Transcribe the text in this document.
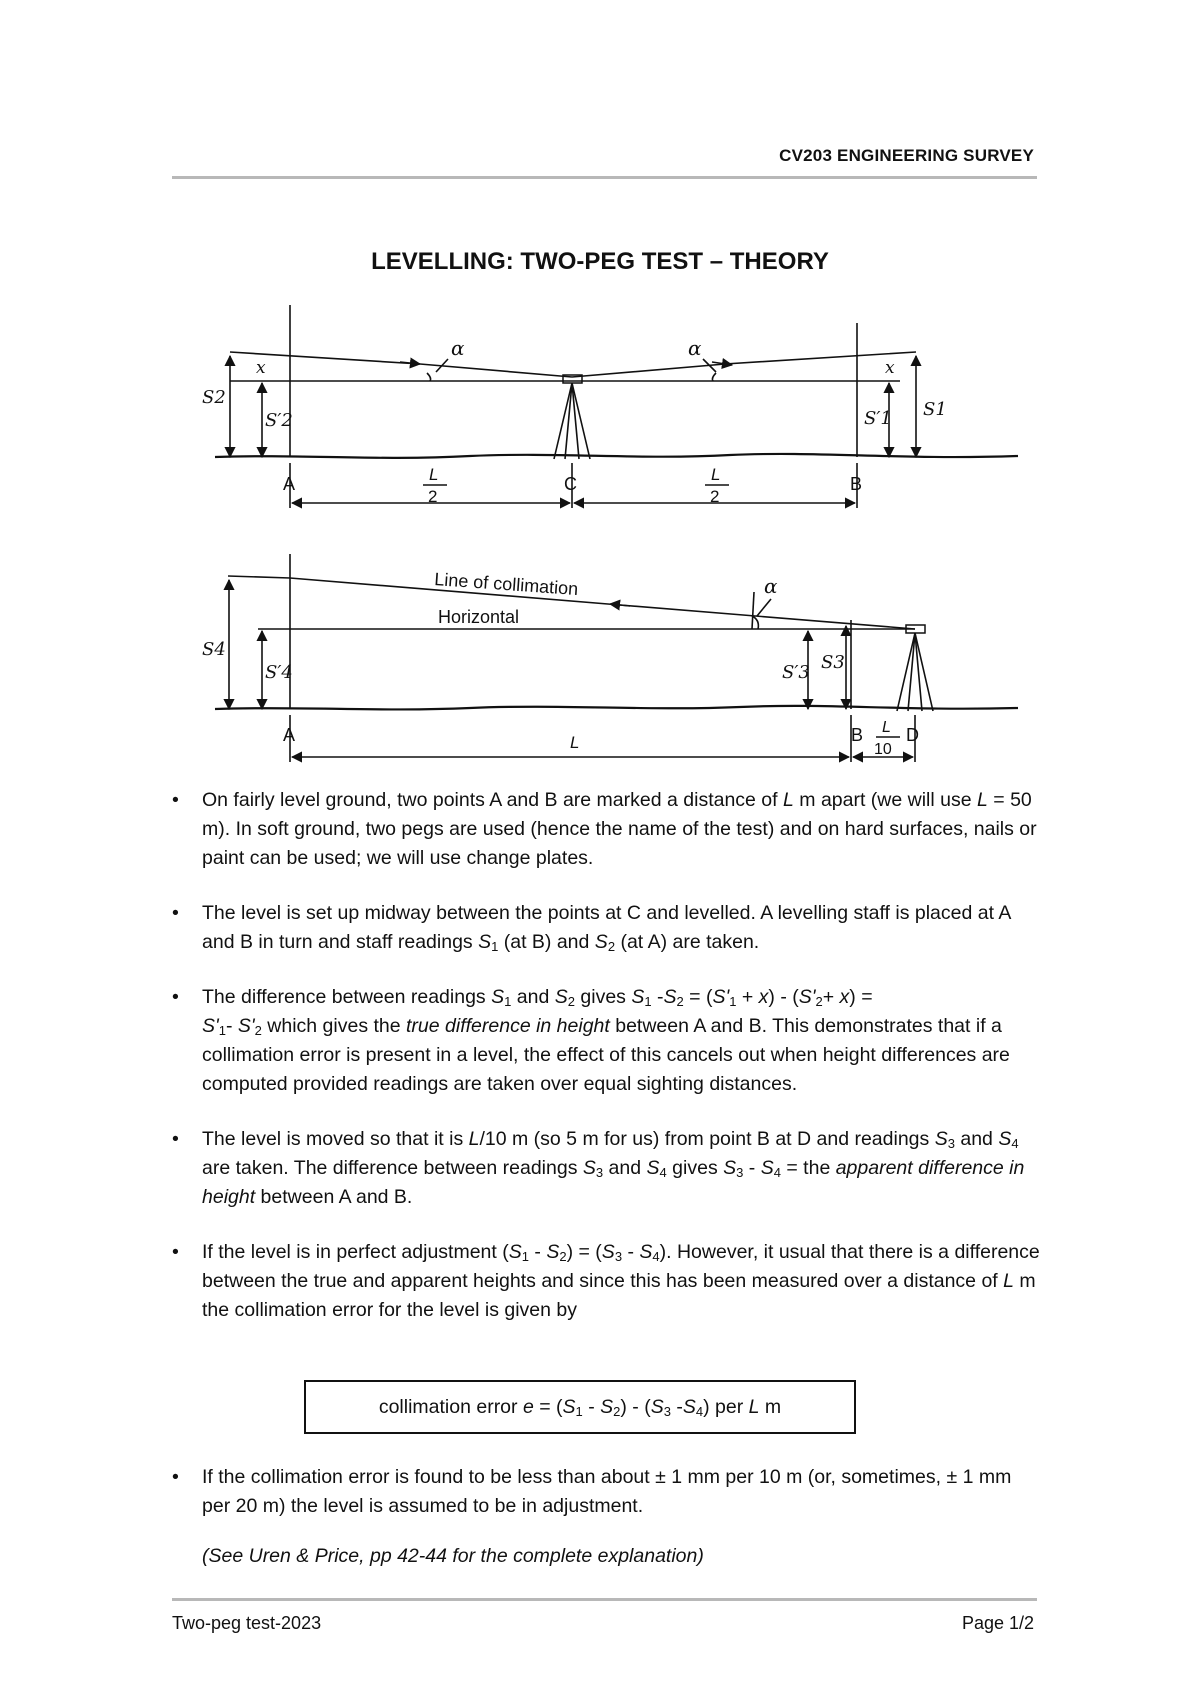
CV203 ENGINEERING SURVEY
LEVELLING: TWO-PEG TEST – THEORY
α	α
x	x
S2
S′2
S1
S′1
A	C	B
L
2
L
2
Line of collimation
Horizontal
α
S4
S′4	S′3 S3
A	B D
L
L
10
• On fairly level ground, two points A and B are marked a distance of L m apart (we will use L = 50 m). In soft ground, two pegs are used (hence the name of the test) and on hard surfaces, nails or paint can be used; we will use change plates.
• The level is set up midway between the points at C and levelled. A levelling staff is placed at A and B in turn and staff readings $S_1$ (at B) and $S_2$ (at A) are taken.
• The difference between readings $S_1$ and $S_2$ gives $S_1$ $-S_2 = (S'_1 + x) - (S'_2+ x)$ =
$S'_1-$ $S'_2$ which gives the true difference in height between A and B. This demonstrates that if a collimation error is present in a level, the effect of this cancels out when height differences are computed provided readings are taken over equal sighting distances.
• The level is moved so that it is L/10 m (so 5 m for us) from point B at D and readings $S_3$ and $S_4$ are taken. The difference between readings $S_3$ and $S_4$ gives $S_3 - S_4$ = the apparent difference in height between A and B.
• If the level is in perfect adjustment $(S_1 - S_2) = (S_3 - S_4)$. However, it usual that there is a difference between the true and apparent heights and since this has been measured over a distance of L m the collimation error for the level is given by
collimation error $e = (S_1 - S_2) - (S_3$ $-S_4$) per L m
• If the collimation error is found to be less than about ± 1 mm per 10 m (or, sometimes, ± 1 mm per 20 m) the level is assumed to be in adjustment.
(See Uren & Price, pp 42-44 for the complete explanation)
Two-peg test-2023	Page 1/2
